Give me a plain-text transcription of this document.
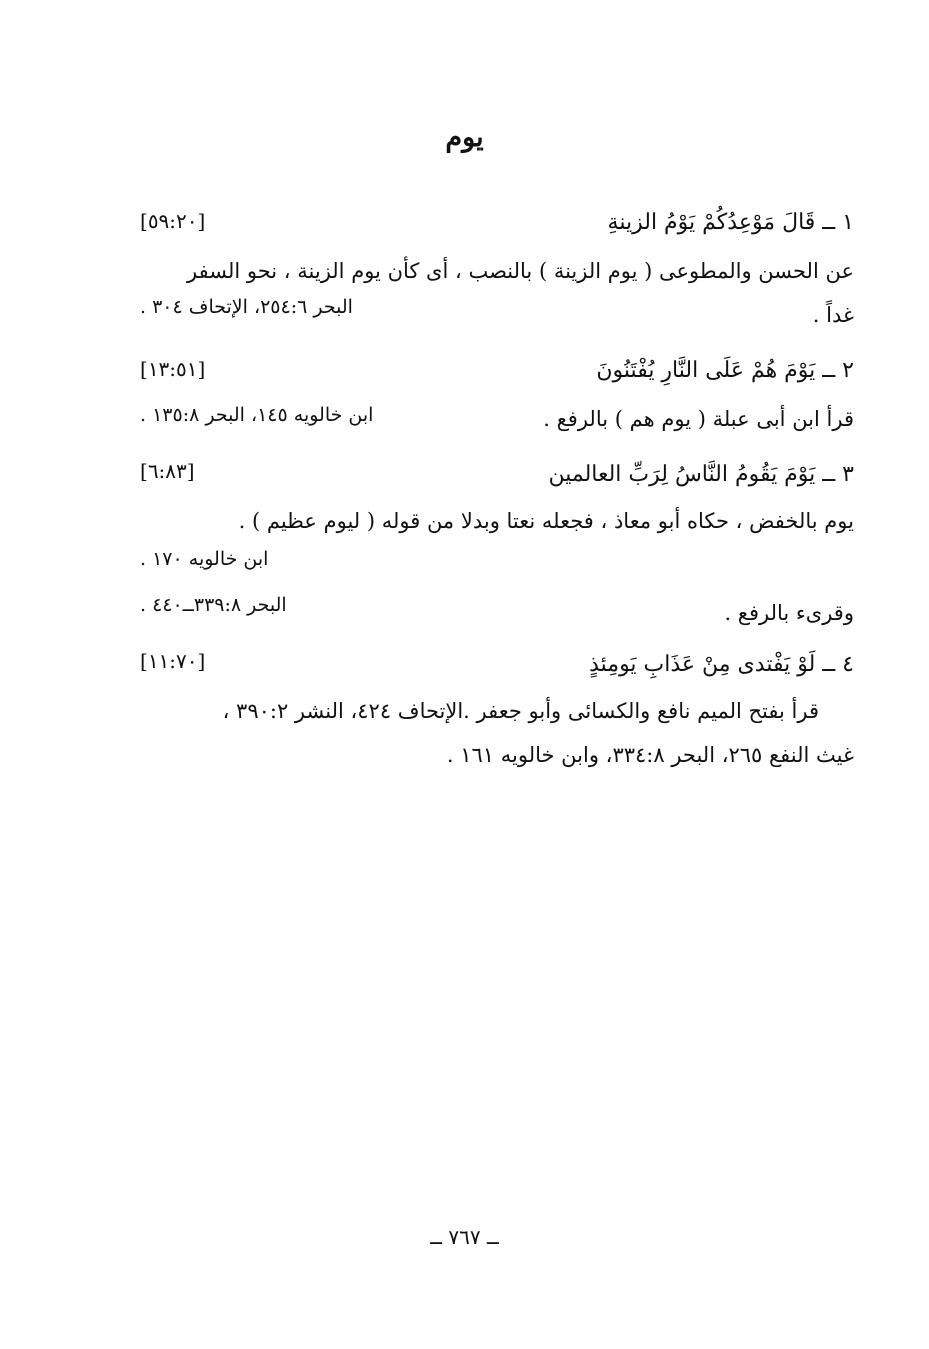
يوم
١ ــ قَالَ مَوْعِدُكُمْ يَوْمُ الزينةِ
[٥٩:٢٠]
عن الحسن والمطوعى ( يوم الزينة ) بالنصب ، أى كأن يوم الزينة ، نحو السفر
غداً .
البحر ٢٥٤:٦، الإتحاف ٣٠٤ .
٢ ــ يَوْمَ هُمْ عَلَى النَّارِ يُفْتَنُونَ
[١٣:٥١]
قرأ ابن أبى عبلة ( يوم هم ) بالرفع .
ابن خالويه ١٤٥، البحر ١٣٥:٨ .
٣ ــ يَوْمَ يَقُومُ النَّاسُ لِرَبِّ العالمين
[٦:٨٣]
يوم بالخفض ، حكاه أبو معاذ ، فجعله نعتا وبدلا من قوله ( ليوم عظيم ) .
ابن خالويه ١٧٠ .
وقرىء بالرفع .
البحر ٣٣٩:٨ــ٤٤٠ .
٤ ــ لَوْ يَفْتدى مِنْ عَذَابِ يَومِئذٍ
[١١:٧٠]
قرأ بفتح الميم نافع والكسائى وأبو جعفر .الإتحاف ٤٢٤، النشر ٣٩٠:٢ ،
غيث النفع ٢٦٥، البحر ٣٣٤:٨، وابن خالويه ١٦١ .
ــ ٧٦٧ ــ
